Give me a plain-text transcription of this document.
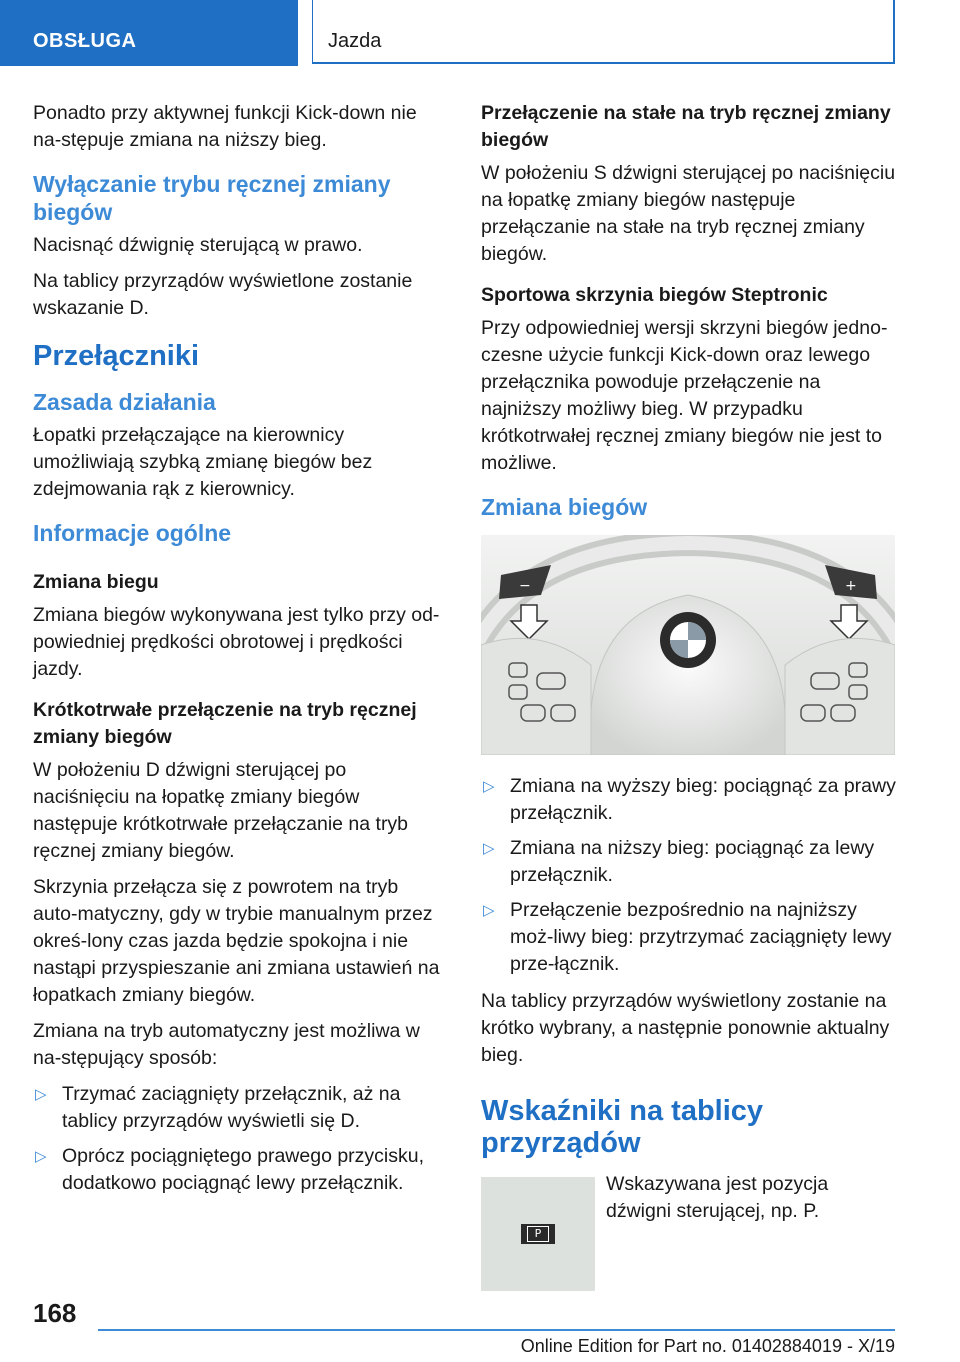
OBSŁUGA	Jazda

Ponadto przy aktywnej funkcji Kick-down nie na-stępuje zmiana na niższy bieg.

Wyłączanie trybu ręcznej zmiany biegów

Nacisnąć dźwignię sterującą w prawo.

Na tablicy przyrządów wyświetlone zostanie wskazanie D.

Przełączniki
Zasada działania

Łopatki przełączające na kierownicy umożliwiają szybką zmianę biegów bez zdejmowania rąk z kierownicy.

Informacje ogólne
Zmiana biegu

Zmiana biegów wykonywana jest tylko przy od-powiedniej prędkości obrotowej i prędkości jazdy.

Krótkotrwałe przełączenie na tryb ręcznej zmiany biegów

W położeniu D dźwigni sterującej po naciśnięciu na łopatkę zmiany biegów następuje krótkotrwałe przełączanie na tryb ręcznej zmiany biegów.

Skrzynia przełącza się z powrotem na tryb auto-matyczny, gdy w trybie manualnym przez okreś-lony czas jazda będzie spokojna i nie nastąpi przyspieszanie ani zmiana ustawień na łopatkach zmiany biegów.

Zmiana na tryb automatyczny jest możliwa w na-stępujący sposób:

▷ Trzymać zaciągnięty przełącznik, aż na tablicy przyrządów wyświetli się D.
▷ Oprócz pociągniętego prawego przycisku, dodatkowo pociągnąć lewy przełącznik.
Przełączenie na stałe na tryb ręcznej zmiany biegów

W położeniu S dźwigni sterującej po naciśnięciu na łopatkę zmiany biegów następuje przełączanie na stałe na tryb ręcznej zmiany biegów.

Sportowa skrzynia biegów Steptronic

Przy odpowiedniej wersji skrzyni biegów jedno-czesne użycie funkcji Kick-down oraz lewego przełącznika powoduje przełączenie na najniższy możliwy bieg. W przypadku krótkotrwałej ręcznej zmiany biegów nie jest to możliwe.

Zmiana biegów
−	+
▷ Zmiana na wyższy bieg: pociągnąć za prawy przełącznik.
▷ Zmiana na niższy bieg: pociągnąć za lewy przełącznik.
▷ Przełączenie bezpośrednio na najniższy moż-liwy bieg: przytrzymać zaciągnięty lewy prze-łącznik.

Na tablicy przyrządów wyświetlony zostanie na krótko wybrany, a następnie ponownie aktualny bieg.

Wskaźniki na tablicy przyrządów
P

Wskazywana jest pozycja dźwigni sterującej, np. P.

168
Online Edition for Part no. 01402884019 - X/19
